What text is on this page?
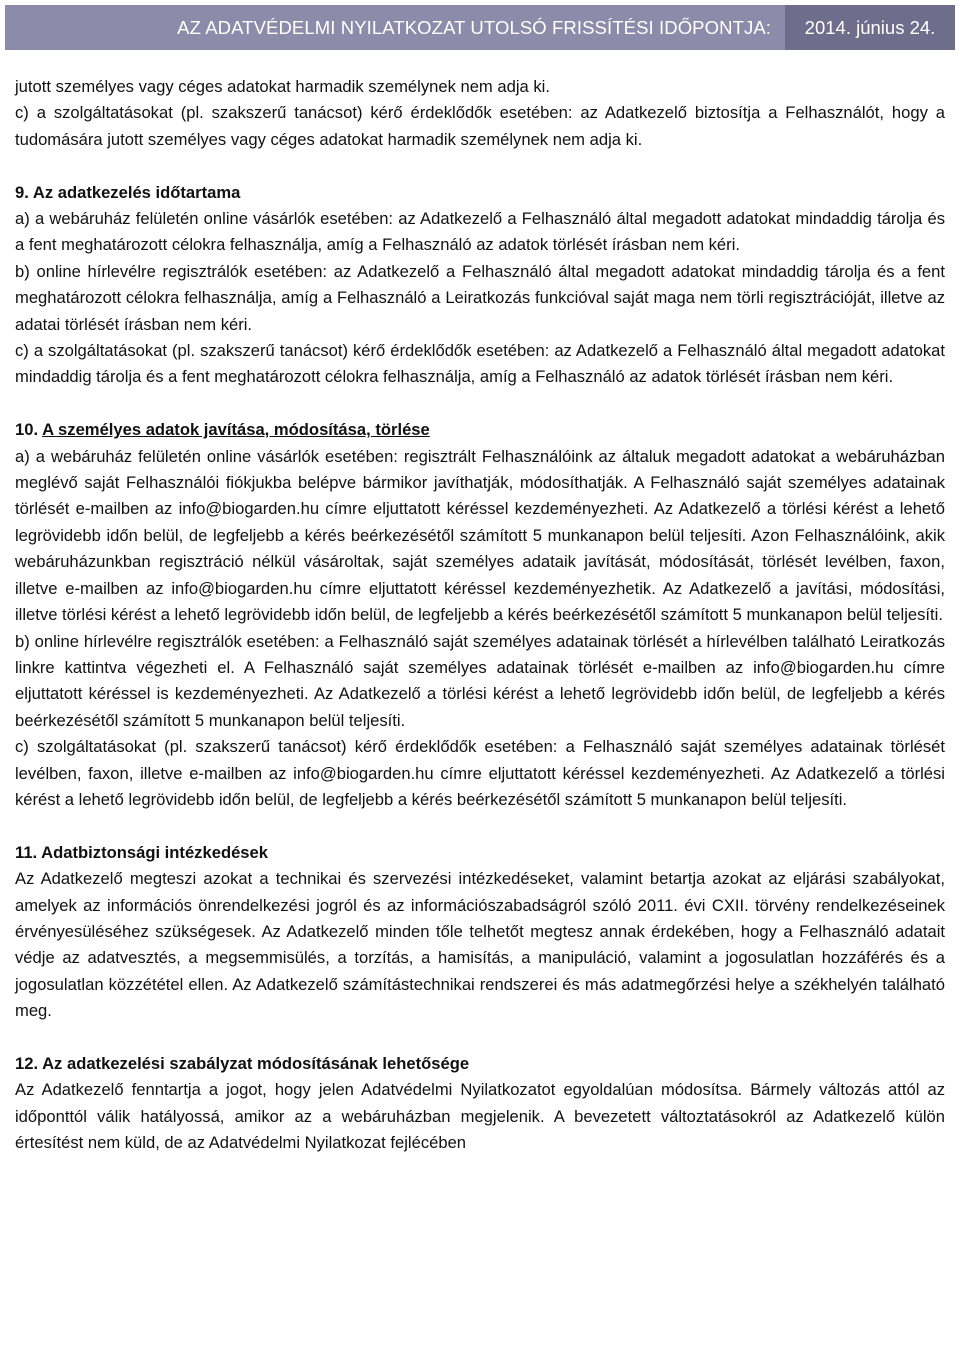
AZ ADATVÉDELMI NYILATKOZAT UTOLSÓ FRISSÍTÉSI IDŐPONTJA:	2014. június 24.

jutott személyes vagy céges adatokat harmadik személynek nem adja ki.

c) a szolgáltatásokat (pl. szakszerű tanácsot) kérő érdeklődők esetében: az Adatkezelő biztosítja a Felhasználót, hogy a tudomására jutott személyes vagy céges adatokat harmadik személynek nem adja ki.

9. Az adatkezelés időtartama

a) a webáruház felületén online vásárlók esetében: az Adatkezelő a Felhasználó által megadott adatokat mindaddig tárolja és a fent meghatározott célokra felhasználja, amíg a Felhasználó az adatok törlését írásban nem kéri.

b) online hírlevélre regisztrálók esetében: az Adatkezelő a Felhasználó által megadott adatokat mindaddig tárolja és a fent meghatározott célokra felhasználja, amíg a Felhasználó a Leiratkozás funkcióval saját maga nem törli regisztrációját, illetve az adatai törlését írásban nem kéri.

c) a szolgáltatásokat (pl. szakszerű tanácsot) kérő érdeklődők esetében: az Adatkezelő a Felhasználó által megadott adatokat mindaddig tárolja és a fent meghatározott célokra felhasználja, amíg a Felhasználó az adatok törlését írásban nem kéri.

10. A személyes adatok javítása, módosítása, törlése

a) a webáruház felületén online vásárlók esetében: regisztrált Felhasználóink az általuk megadott adatokat a webáruházban meglévő saját Felhasználói fiókjukba belépve bármikor javíthatják, módosíthatják. A Felhasználó saját személyes adatainak törlését e-mailben az info@biogarden.hu címre eljuttatott kéréssel kezdeményezheti. Az Adatkezelő a törlési kérést a lehető legrövidebb időn belül, de legfeljebb a kérés beérkezésétől számított 5 munkanapon belül teljesíti. Azon Felhasználóink, akik webáruházunkban regisztráció nélkül vásároltak, saját személyes adataik javítását, módosítását, törlését levélben, faxon, illetve e-mailben az info@biogarden.hu címre eljuttatott kéréssel kezdeményezhetik. Az Adatkezelő a javítási, módosítási, illetve törlési kérést a lehető legrövidebb időn belül, de legfeljebb a kérés beérkezésétől számított 5 munkanapon belül teljesíti.

b) online hírlevélre regisztrálók esetében: a Felhasználó saját személyes adatainak törlését a hírlevélben található Leiratkozás linkre kattintva végezheti el. A Felhasználó saját személyes adatainak törlését e-mailben az info@biogarden.hu címre eljuttatott kéréssel is kezdeményezheti. Az Adatkezelő a törlési kérést a lehető legrövidebb időn belül, de legfeljebb a kérés beérkezésétől számított 5 munkanapon belül teljesíti.

c) szolgáltatásokat (pl. szakszerű tanácsot) kérő érdeklődők esetében: a Felhasználó saját személyes adatainak törlését levélben, faxon, illetve e-mailben az info@biogarden.hu címre eljuttatott kéréssel kezdeményezheti. Az Adatkezelő a törlési kérést a lehető legrövidebb időn belül, de legfeljebb a kérés beérkezésétől számított 5 munkanapon belül teljesíti.

11. Adatbiztonsági intézkedések

Az Adatkezelő megteszi azokat a technikai és szervezési intézkedéseket, valamint betartja azokat az eljárási szabályokat, amelyek az információs önrendelkezési jogról és az információszabadságról szóló 2011. évi CXII. törvény rendelkezéseinek érvényesüléséhez szükségesek. Az Adatkezelő minden tőle telhetőt megtesz annak érdekében, hogy a Felhasználó adatait védje az adatvesztés, a megsemmisülés, a torzítás, a hamisítás, a manipuláció, valamint a jogosulatlan hozzáférés és a jogosulatlan közzététel ellen. Az Adatkezelő számítástechnikai rendszerei és más adatmegőrzési helye a székhelyén található meg.

12. Az adatkezelési szabályzat módosításának lehetősége

Az Adatkezelő fenntartja a jogot, hogy jelen Adatvédelmi Nyilatkozatot egyoldalúan módosítsa. Bármely változás attól az időponttól válik hatályossá, amikor az a webáruházban megjelenik. A bevezetett változtatásokról az Adatkezelő külön értesítést nem küld, de az Adatvédelmi Nyilatkozat fejlécében
